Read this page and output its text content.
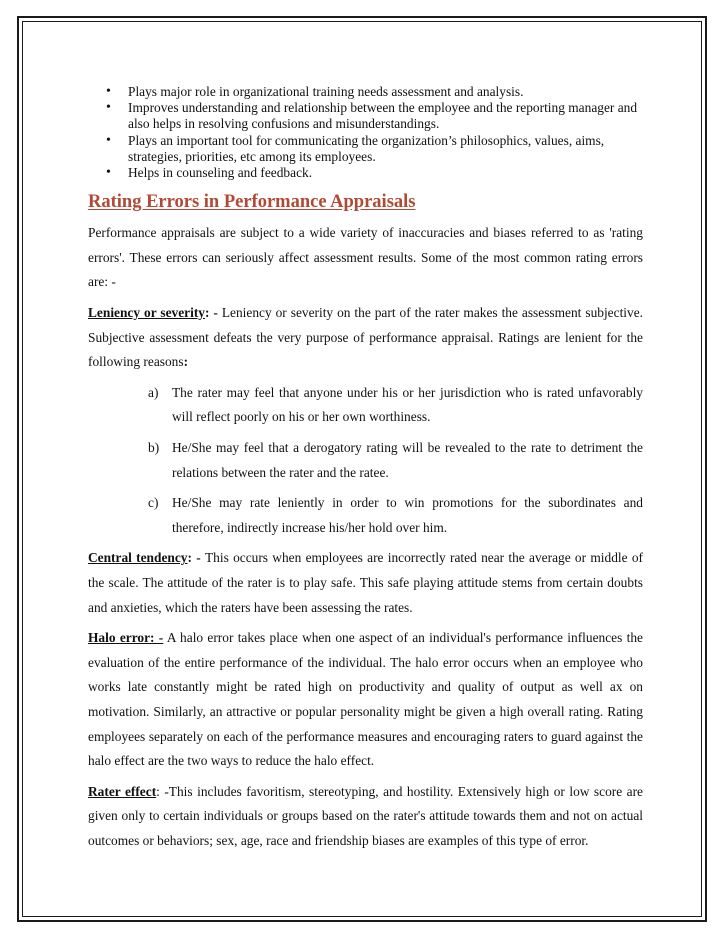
• Plays major role in organizational training needs assessment and analysis.
• Improves understanding and relationship between the employee and the reporting manager and also helps in resolving confusions and misunderstandings.
• Plays an important tool for communicating the organization’s philosophics, values, aims, strategies, priorities, etc among its employees.
• Helps in counseling and feedback.
Rating Errors in Performance Appraisals

Performance appraisals are subject to a wide variety of inaccuracies and biases referred to as 'rating errors'. These errors can seriously affect assessment results. Some of the most common rating errors are: -

Leniency or severity: - Leniency or severity on the part of the rater makes the assessment subjective. Subjective assessment defeats the very purpose of performance appraisal. Ratings are lenient for the following reasons:

a) The rater may feel that anyone under his or her jurisdiction who is rated unfavorably will reflect poorly on his or her own worthiness.
b) He/She may feel that a derogatory rating will be revealed to the rate to detriment the relations between the rater and the ratee.
c) He/She may rate leniently in order to win promotions for the subordinates and therefore, indirectly increase his/her hold over him.

Central tendency: - This occurs when employees are incorrectly rated near the average or middle of the scale. The attitude of the rater is to play safe. This safe playing attitude stems from certain doubts and anxieties, which the raters have been assessing the rates.

Halo error: - A halo error takes place when one aspect of an individual's performance influences the evaluation of the entire performance of the individual. The halo error occurs when an employee who works late constantly might be rated high on productivity and quality of output as well ax on motivation. Similarly, an attractive or popular personality might be given a high overall rating. Rating employees separately on each of the performance measures and encouraging raters to guard against the halo effect are the two ways to reduce the halo effect.

Rater effect: -This includes favoritism, stereotyping, and hostility. Extensively high or low score are given only to certain individuals or groups based on the rater's attitude towards them and not on actual outcomes or behaviors; sex, age, race and friendship biases are examples of this type of error.
